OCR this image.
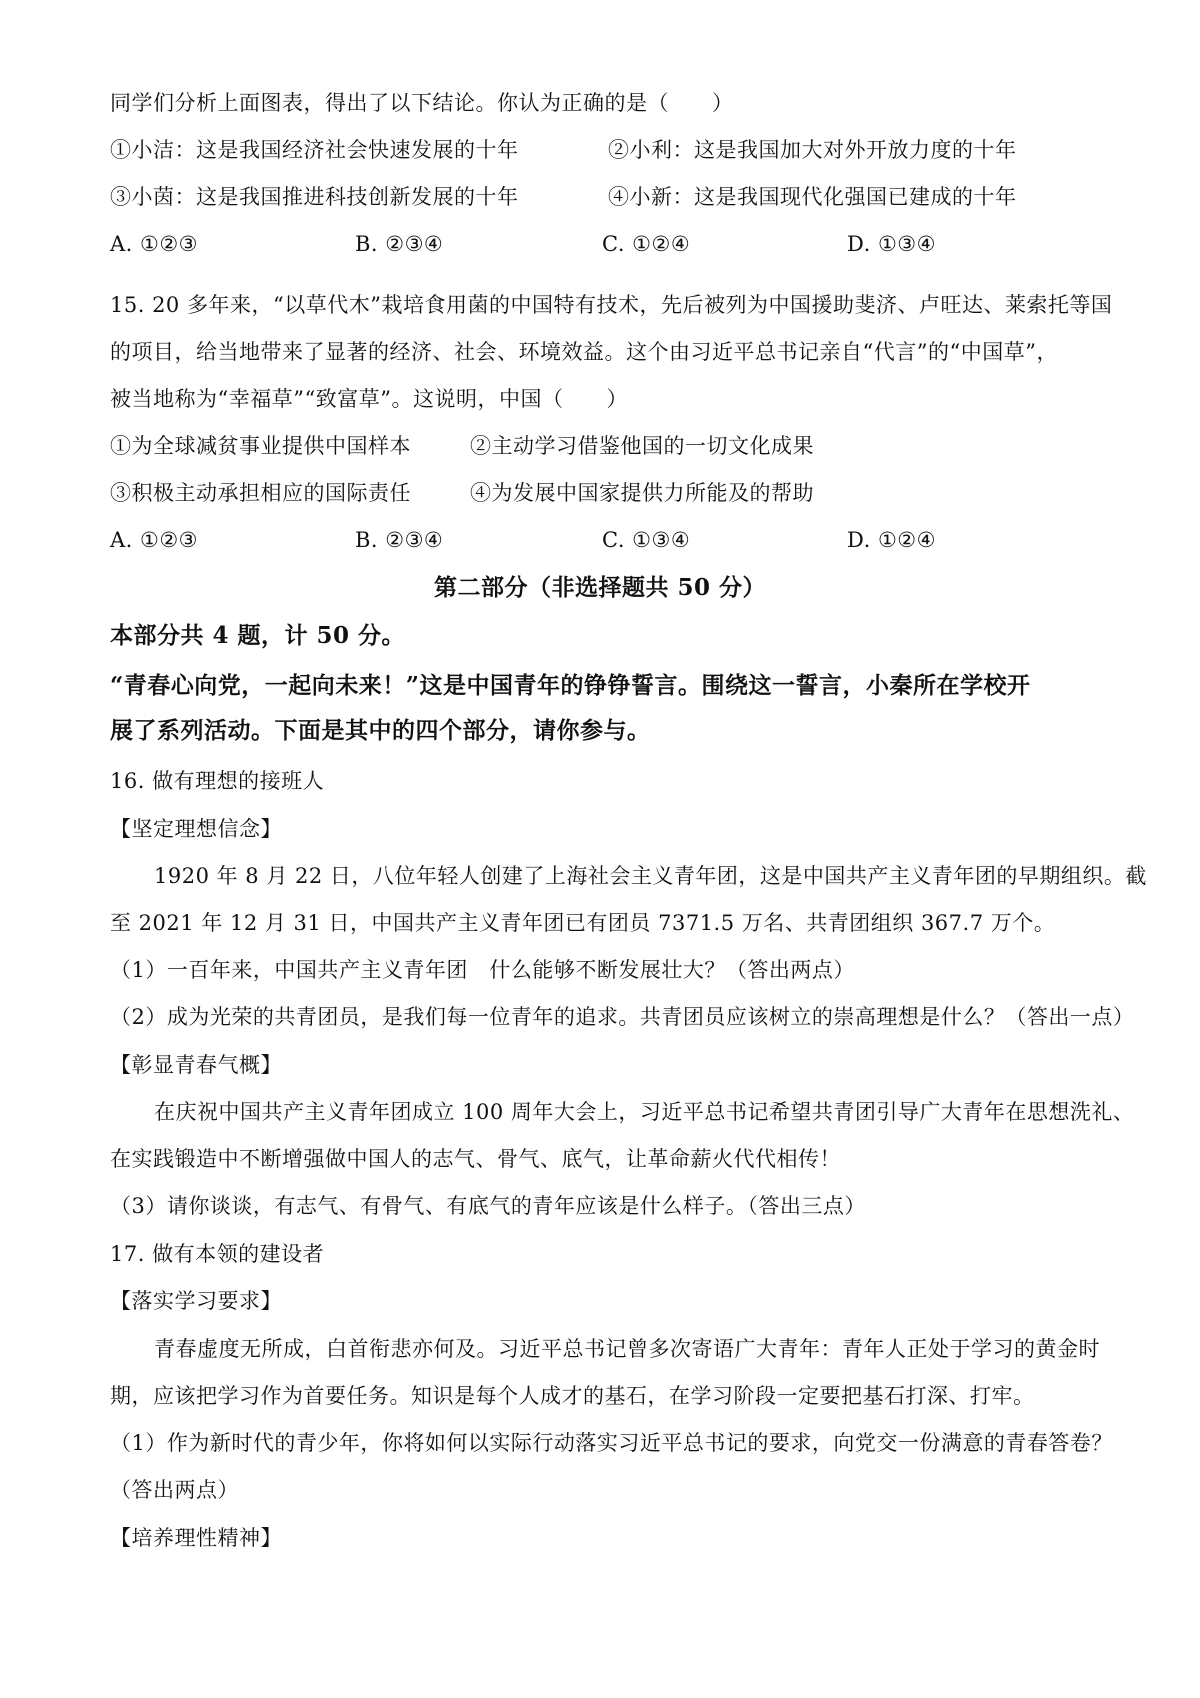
同学们分析上面图表，得出了以下结论。你认为正确的是（　　）
①小洁：这是我国经济社会快速发展的十年	②小利：这是我国加大对外开放力度的十年
③小茵：这是我国推进科技创新发展的十年	④小新：这是我国现代化强国已建成的十年
A. ①②③	B. ②③④	C. ①②④	D. ①③④
15. 20 多年来，“以草代木”栽培食用菌的中国特有技术，先后被列为中国援助斐济、卢旺达、莱索托等国
的项目，给当地带来了显著的经济、社会、环境效益。这个由习近平总书记亲自“代言”的“中国草”，
被当地称为“幸福草”“致富草”。这说明，中国（　　）
①为全球减贫事业提供中国样本	②主动学习借鉴他国的一切文化成果
③积极主动承担相应的国际责任	④为发展中国家提供力所能及的帮助
A. ①②③	B. ②③④	C. ①③④	D. ①②④
第二部分（非选择题共 50 分）
本部分共 4 题，计 50 分。
“青春心向党，一起向未来！”这是中国青年的铮铮誓言。围绕这一誓言，小秦所在学校开
展了系列活动。下面是其中的四个部分，请你参与。
16. 做有理想的接班人
【坚定理想信念】
1920 年 8 月 22 日，八位年轻人创建了上海社会主义青年团，这是中国共产主义青年团的早期组织。截
至 2021 年 12 月 31 日，中国共产主义青年团已有团员 7371.5 万名、共青团组织 367.7 万个。
（1）一百年来，中国共产主义青年团　什么能够不断发展壮大？（答出两点）
（2）成为光荣的共青团员，是我们每一位青年的追求。共青团员应该树立的崇高理想是什么？（答出一点）
【彰显青春气概】
在庆祝中国共产主义青年团成立 100 周年大会上，习近平总书记希望共青团引导广大青年在思想洗礼、
在实践锻造中不断增强做中国人的志气、骨气、底气，让革命薪火代代相传！
（3）请你谈谈，有志气、有骨气、有底气的青年应该是什么样子。（答出三点）
17. 做有本领的建设者
【落实学习要求】
青春虚度无所成，白首衔悲亦何及。习近平总书记曾多次寄语广大青年：青年人正处于学习的黄金时
期，应该把学习作为首要任务。知识是每个人成才的基石，在学习阶段一定要把基石打深、打牢。
（1）作为新时代的青少年，你将如何以实际行动落实习近平总书记的要求，向党交一份满意的青春答卷？
（答出两点）
【培养理性精神】
